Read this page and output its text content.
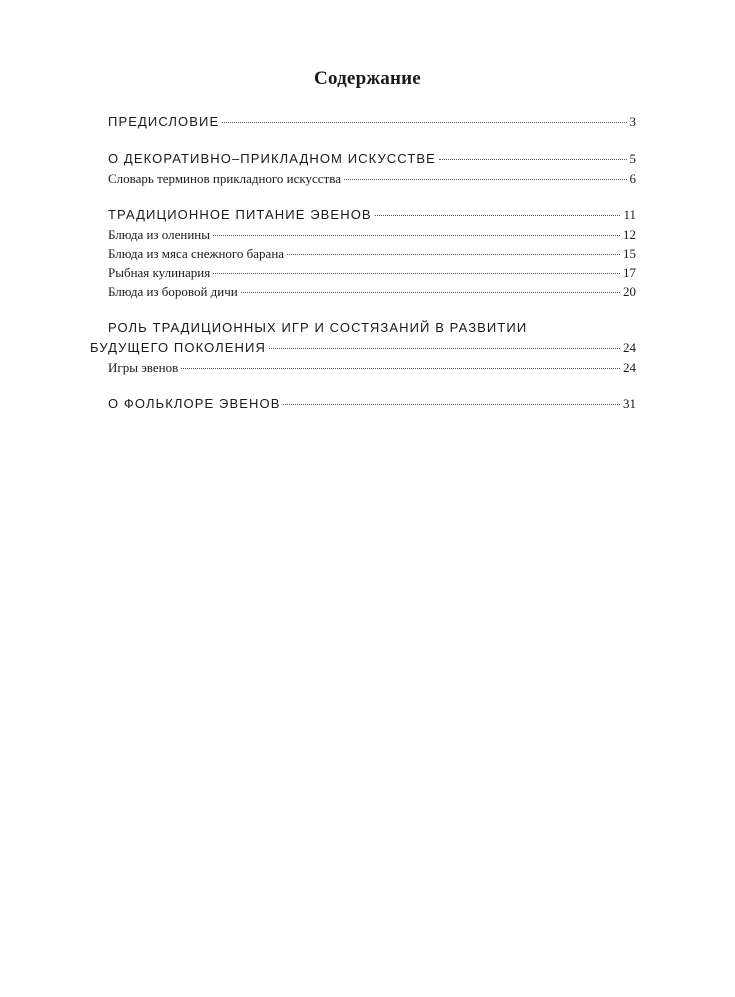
Содержание
ПРЕДИСЛОВИЕ	3
О ДЕКОРАТИВНО–ПРИКЛАДНОМ ИСКУССТВЕ	5
Словарь терминов прикладного искусства	6
ТРАДИЦИОННОЕ ПИТАНИЕ ЭВЕНОВ	11
Блюда из оленины	12
Блюда из мяса снежного барана	15
Рыбная кулинария	17
Блюда из боровой дичи	20
РОЛЬ ТРАДИЦИОННЫХ ИГР И СОСТЯЗАНИЙ В РАЗВИТИИ
БУДУЩЕГО ПОКОЛЕНИЯ	24
Игры эвенов	24
О ФОЛЬКЛОРЕ ЭВЕНОВ	31
